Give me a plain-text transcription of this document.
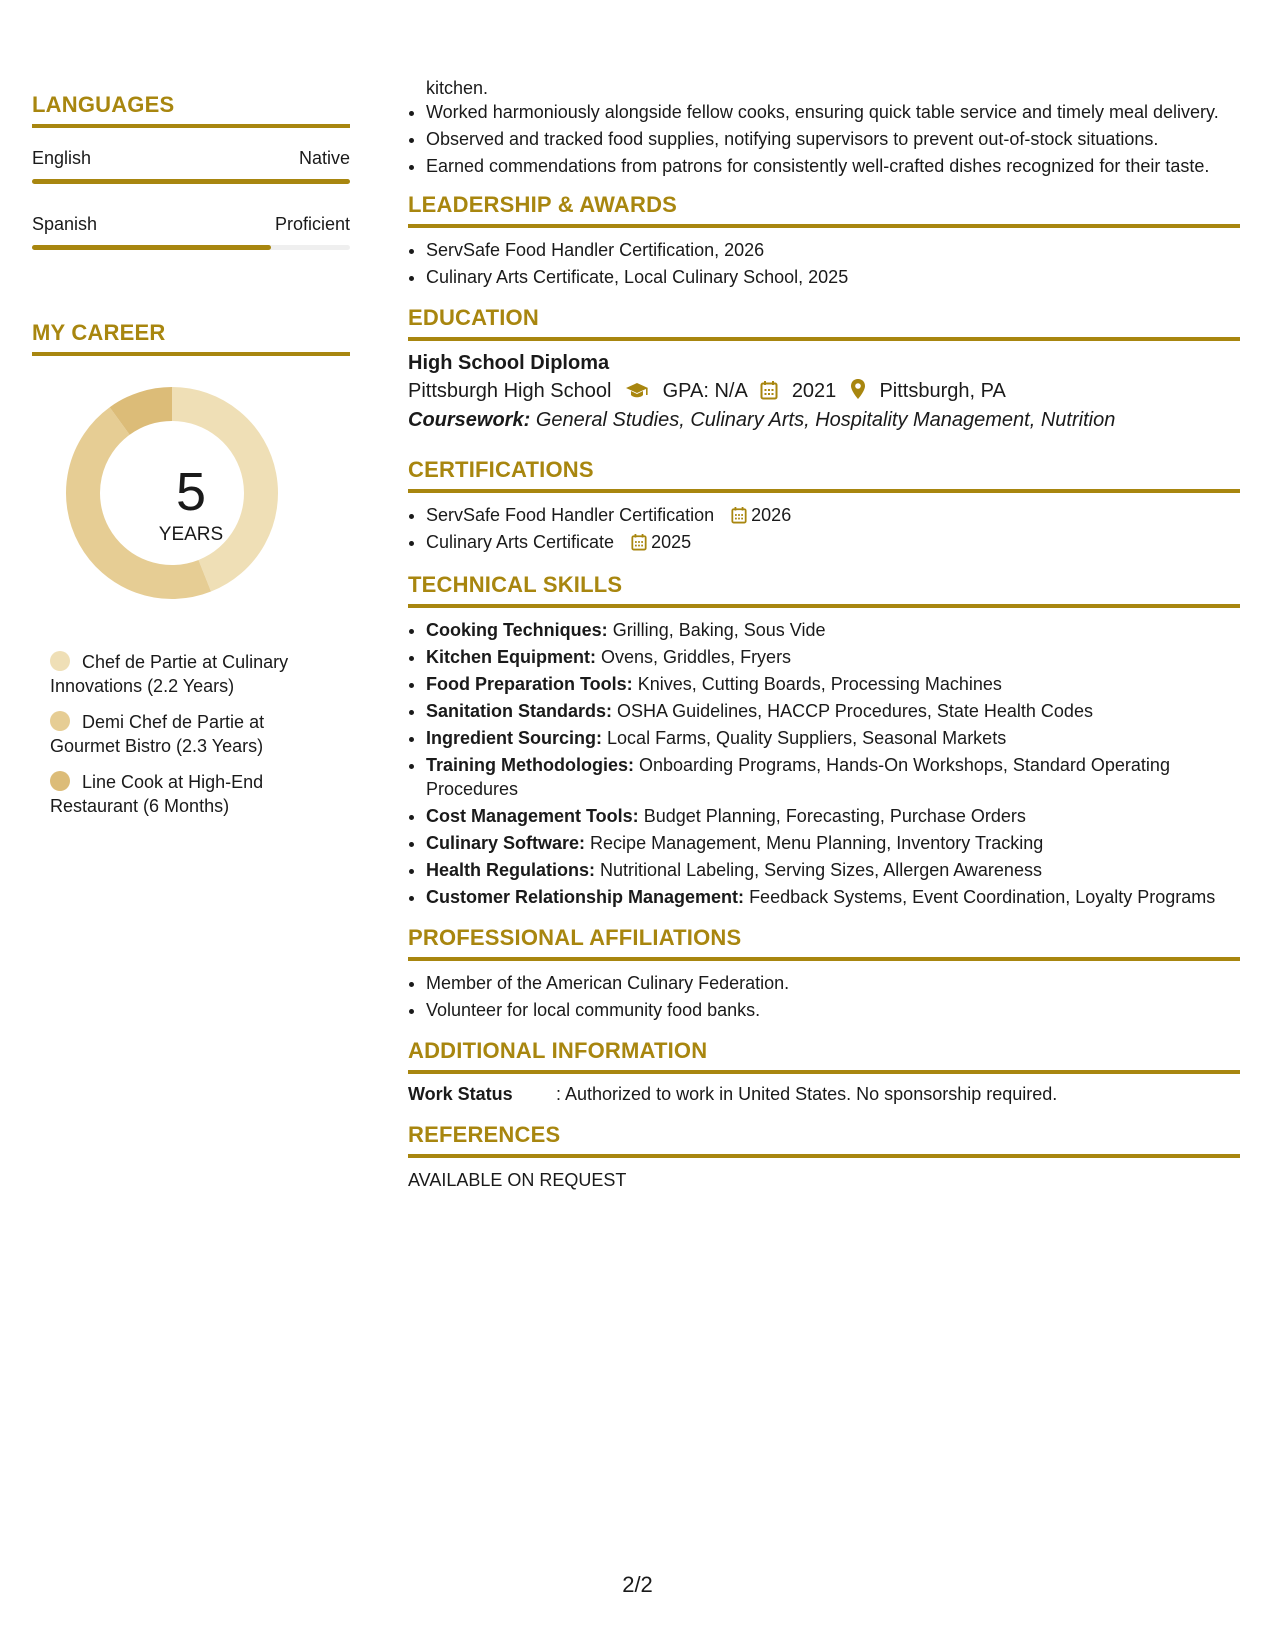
LANGUAGES
English	Native
Spanish	Proficient
MY CAREER
5
YEARS
Chef de Partie at Culinary Innovations (2.2 Years)
Demi Chef de Partie at Gourmet Bistro (2.3 Years)
Line Cook at High-End Restaurant (6 Months)
kitchen.
• Worked harmoniously alongside fellow cooks, ensuring quick table service and timely meal delivery.
• Observed and tracked food supplies, notifying supervisors to prevent out-of-stock situations.
• Earned commendations from patrons for consistently well-crafted dishes recognized for their taste.
LEADERSHIP & AWARDS
• ServSafe Food Handler Certification, 2026
• Culinary Arts Certificate, Local Culinary School, 2025
EDUCATION
High School Diploma
Pittsburgh High School	GPA: N/A 2021 Pittsburgh, PA
Coursework: General Studies, Culinary Arts, Hospitality Management, Nutrition
CERTIFICATIONS
• ServSafe Food Handler Certification 2026
• Culinary Arts Certificate 2025
TECHNICAL SKILLS
• Cooking Techniques: Grilling, Baking, Sous Vide
• Kitchen Equipment: Ovens, Griddles, Fryers
• Food Preparation Tools: Knives, Cutting Boards, Processing Machines
• Sanitation Standards: OSHA Guidelines, HACCP Procedures, State Health Codes
• Ingredient Sourcing: Local Farms, Quality Suppliers, Seasonal Markets
• Training Methodologies: Onboarding Programs, Hands-On Workshops, Standard Operating Procedures
• Cost Management Tools: Budget Planning, Forecasting, Purchase Orders
• Culinary Software: Recipe Management, Menu Planning, Inventory Tracking
• Health Regulations: Nutritional Labeling, Serving Sizes, Allergen Awareness
• Customer Relationship Management: Feedback Systems, Event Coordination, Loyalty Programs
PROFESSIONAL AFFILIATIONS
• Member of the American Culinary Federation.
• Volunteer for local community food banks.
ADDITIONAL INFORMATION
Work Status : Authorized to work in United States. No sponsorship required.
REFERENCES
AVAILABLE ON REQUEST
2/2
